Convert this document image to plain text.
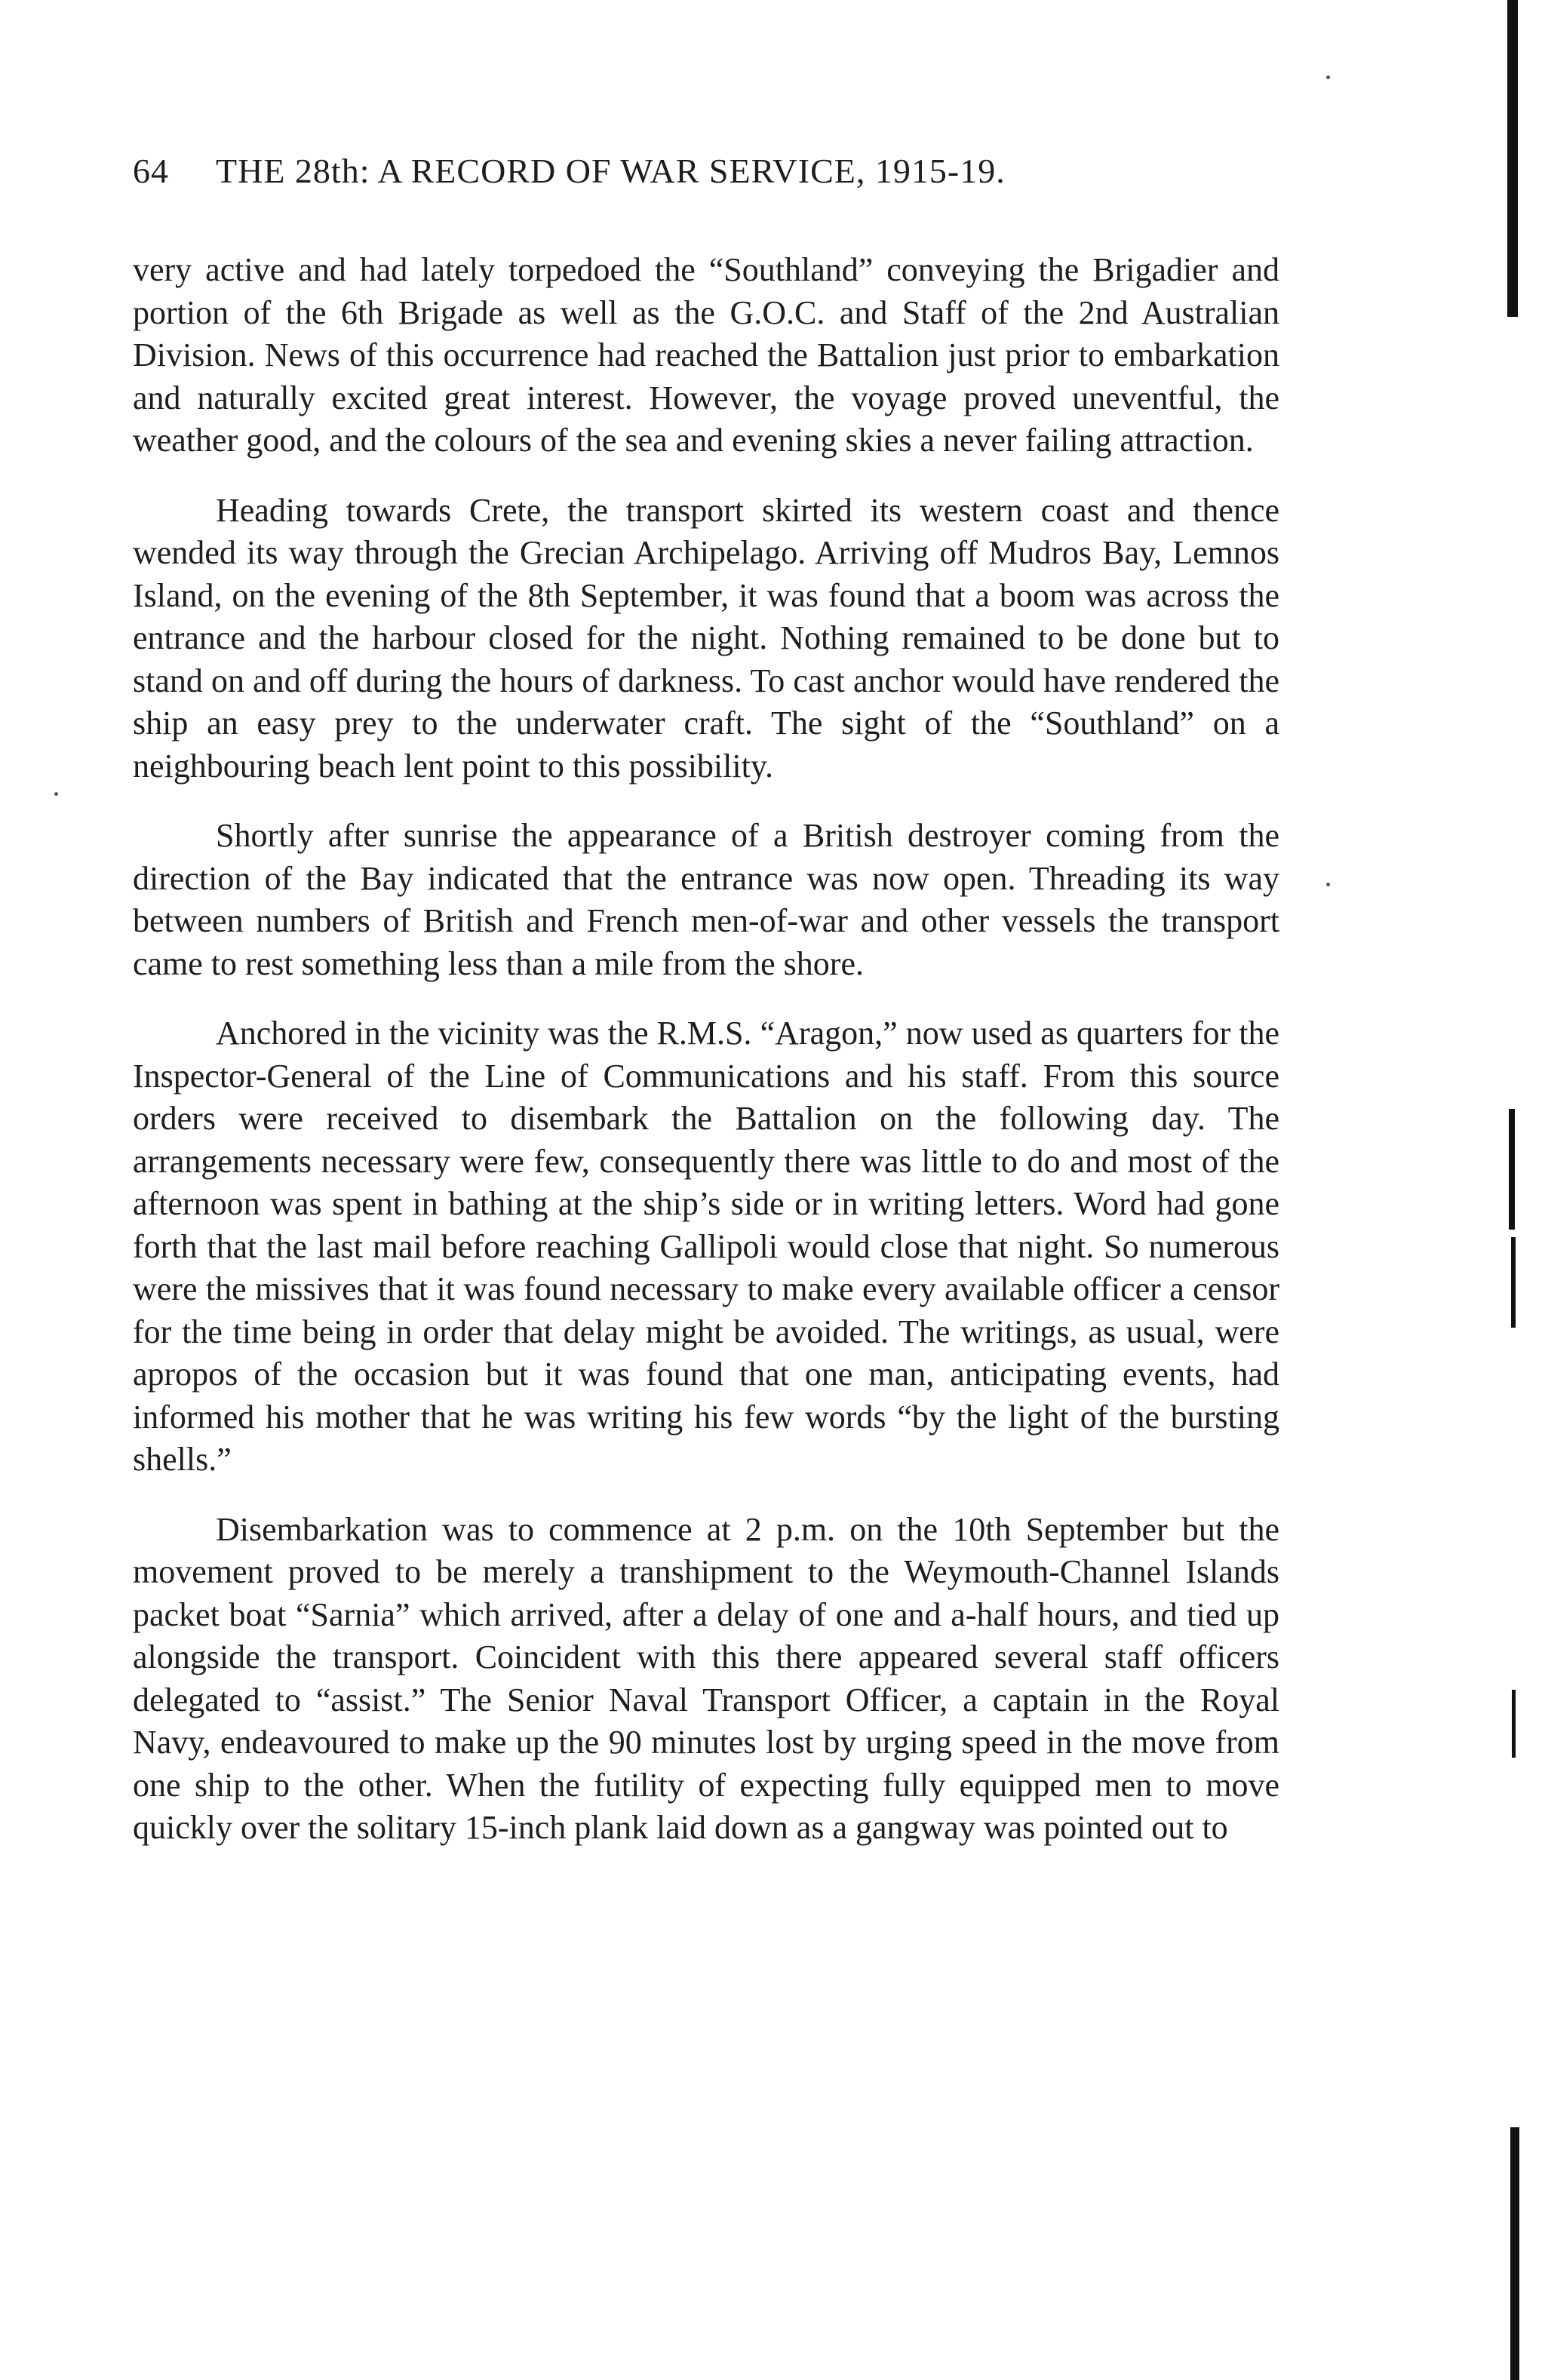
64 THE 28th: A RECORD OF WAR SERVICE, 1915-19.

very active and had lately torpedoed the “Southland” conveying the Brigadier and portion of the 6th Brigade as well as the G.O.C. and Staff of the 2nd Australian Division. News of this occurrence had reached the Battalion just prior to embarkation and naturally excited great interest. However, the voyage proved uneventful, the weather good, and the colours of the sea and evening skies a never failing attraction.

Heading towards Crete, the transport skirted its western coast and thence wended its way through the Grecian Archipelago. Arriving off Mudros Bay, Lemnos Island, on the evening of the 8th September, it was found that a boom was across the entrance and the harbour closed for the night. Nothing remained to be done but to stand on and off during the hours of darkness. To cast anchor would have rendered the ship an easy prey to the underwater craft. The sight of the “Southland” on a neighbouring beach lent point to this possibility.

Shortly after sunrise the appearance of a British destroyer coming from the direction of the Bay indicated that the entrance was now open. Threading its way between numbers of British and French men-of-war and other vessels the transport came to rest something less than a mile from the shore.

Anchored in the vicinity was the R.M.S. “Aragon,” now used as quarters for the Inspector-General of the Line of Communications and his staff. From this source orders were received to disembark the Battalion on the following day. The arrangements necessary were few, consequently there was little to do and most of the afternoon was spent in bathing at the ship’s side or in writing letters. Word had gone forth that the last mail before reaching Gallipoli would close that night. So numerous were the missives that it was found necessary to make every available officer a censor for the time being in order that delay might be avoided. The writings, as usual, were apropos of the occasion but it was found that one man, anticipating events, had informed his mother that he was writing his few words “by the light of the bursting shells.”

Disembarkation was to commence at 2 p.m. on the 10th September but the movement proved to be merely a transhipment to the Weymouth-Channel Islands packet boat “Sarnia” which arrived, after a delay of one and a-half hours, and tied up alongside the transport. Coincident with this there appeared several staff officers delegated to “assist.” The Senior Naval Transport Officer, a captain in the Royal Navy, endeavoured to make up the 90 minutes lost by urging speed in the move from one ship to the other. When the futility of expecting fully equipped men to move quickly over the solitary 15-inch plank laid down as a gangway was pointed out to
